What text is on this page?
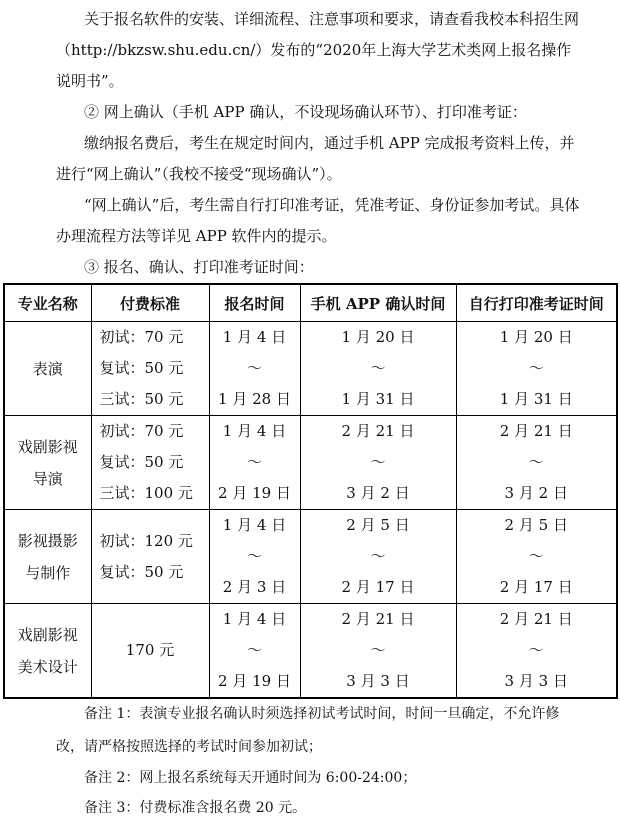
关于报名软件的安装、详细流程、注意事项和要求，请查看我校本科招生网（http://bkzsw.shu.edu.cn/）发布的“2020年上海大学艺术类网上报名操作说明书”。
② 网上确认（手机 APP 确认，不设现场确认环节）、打印准考证：
缴纳报名费后，考生在规定时间内，通过手机 APP 完成报考资料上传，并进行“网上确认”（我校不接受“现场确认”）。
“网上确认”后，考生需自行打印准考证，凭准考证、身份证参加考试。具体办理流程方法等详见 APP 软件内的提示。
③ 报名、确认、打印准考证时间：
专业名称	付费标准	报名时间	手机 APP 确认时间	自行打印准考证时间

表演	初试：70 元
复试：50 元
三试：50 元	1 月 4 日
～
1 月 28 日	1 月 20 日
～
1 月 31 日	1 月 20 日
～
1 月 31 日

戏剧影视
导演	初试：70 元
复试：50 元
三试：100 元	1 月 4 日
～
2 月 19 日	2 月 21 日
～
3 月 2 日	2 月 21 日
～
3 月 2 日

影视摄影
与制作	初试：120 元
复试：50 元	1 月 4 日
～
2 月 3 日	2 月 5 日
～
2 月 17 日	2 月 5 日
～
2 月 17 日

戏剧影视
美术设计	170 元	1 月 4 日
～
2 月 19 日	2 月 21 日
～
3 月 3 日	2 月 21 日
～
3 月 3 日
备注 1：表演专业报名确认时须选择初试考试时间，时间一旦确定，不允许修
改，请严格按照选择的考试时间参加初试；
备注 2：网上报名系统每天开通时间为 6:00-24:00；
备注 3：付费标准含报名费 20 元。
